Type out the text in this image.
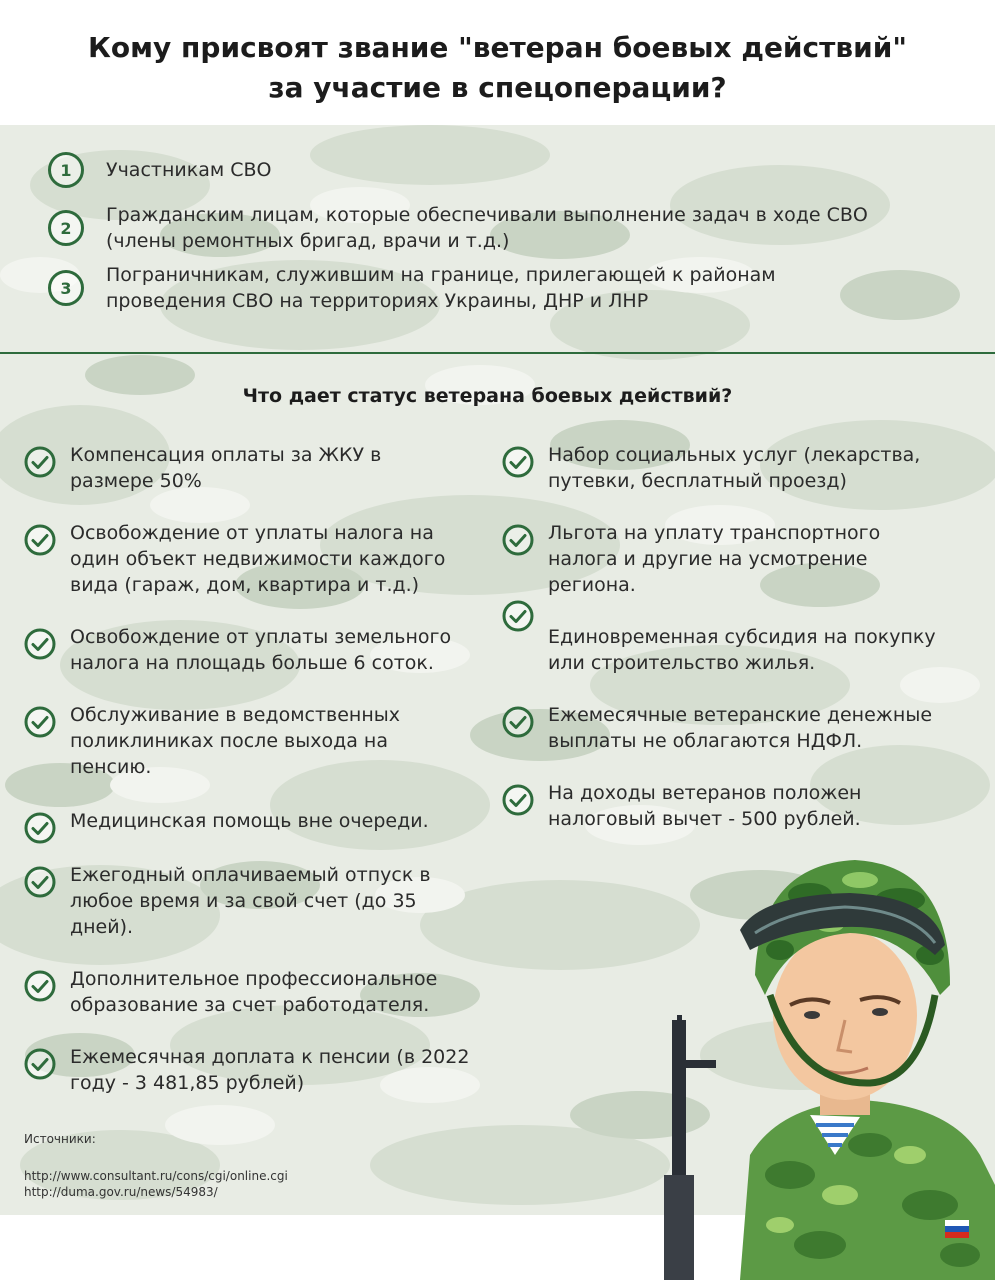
Кому присвоят звание "ветеран боевых действий"
за участие в спецоперации?
1	Участникам СВО
2
Гражданским лицам, которые обеспечивали выполнение задач в ходе СВО (члены ремонтных бригад, врачи и т.д.)
3
Пограничникам, служившим на границе, прилегающей к районам проведения СВО на территориях Украины, ДНР и ЛНР
Что дает статус ветерана боевых действий?
Компенсация оплаты за ЖКУ в размере 50%
Освобождение от уплаты налога на один объект недвижимости каждого вида (гараж, дом, квартира и т.д.)
Освобождение от уплаты земельного налога на площадь больше 6 соток.
Обслуживание в ведомственных поликлиниках после выхода на пенсию.
Медицинская помощь вне очереди.
Ежегодный оплачиваемый отпуск в любое время и за свой счет (до 35 дней).
Дополнительное профессиональное образование за счет работодателя.
Ежемесячная доплата к пенсии (в 2022 году - 3 481,85 рублей)
Набор социальных услуг (лекарства, путевки, бесплатный проезд)
Льгота на уплату транспортного налога и другие на усмотрение региона.
Единовременная субсидия на покупку или строительство жилья.
Ежемесячные ветеранские денежные выплаты не облагаются НДФЛ.
На доходы ветеранов положен налоговый вычет - 500 рублей.
Источники:
http://www.consultant.ru/cons/cgi/online.cgi
http://duma.gov.ru/news/54983/
